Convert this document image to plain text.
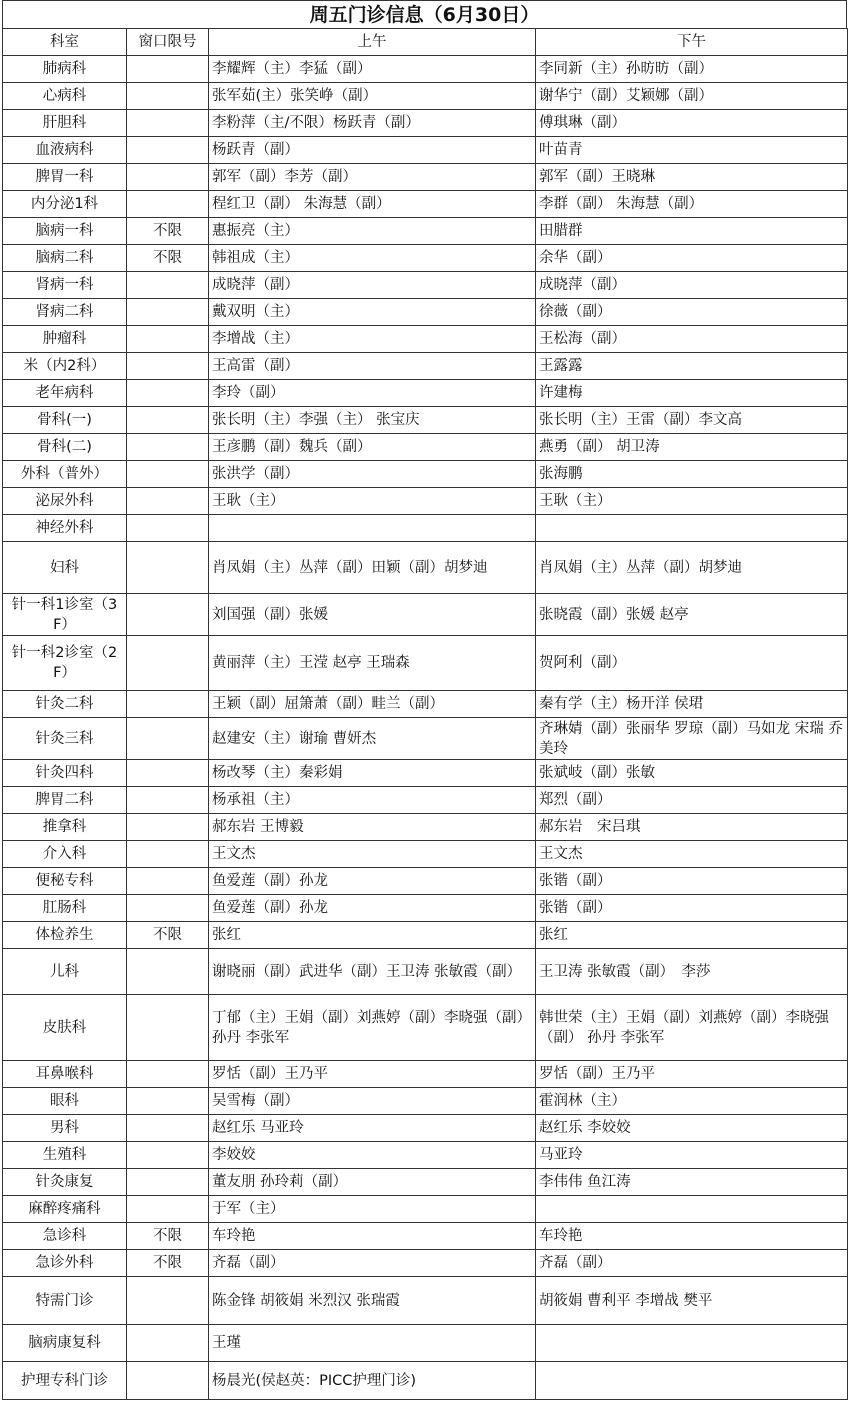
周五门诊信息（6月30日）
科室	窗口限号	上午	下午

肺病科		李耀辉（主）李猛（副）	李同新（主）孙昉昉（副）

心病科		张军茹(主）张笑峥（副）	谢华宁（副）艾颖娜（副）

肝胆科		李粉萍（主/不限）杨跃青（副）	傅琪琳（副）

血液病科		杨跃青（副）	叶苗青

脾胃一科		郭军（副）李芳（副）	郭军（副）王晓琳

内分泌1科		程红卫（副） 朱海慧（副）	李群（副） 朱海慧（副）

脑病一科	不限	惠振亮（主）	田腊群

脑病二科	不限	韩祖成（主）	余华（副）

肾病一科		成晓萍（副）	成晓萍（副）

肾病二科		戴双明（主）	徐薇（副）

肿瘤科		李增战（主）	王松海（副）

米（内2科）		王高雷（副）	王露露

老年病科		李玲（副）	许建梅

骨科(一)		张长明（主）李强（主） 张宝庆	张长明（主）王雷（副）李文高

骨科(二)		王彦鹏（副）魏兵（副）	燕勇（副） 胡卫涛

外科（普外）		张洪学（副）	张海鹏

泌尿外科		王耿（主）	王耿（主）

神经外科			

妇科		肖凤娟（主）丛萍（副）田颖（副）胡梦迪	肖凤娟（主）丛萍（副）胡梦迪

针一科1诊室（3F）		刘国强（副）张媛	张晓霞（副）张媛 赵亭

针一科2诊室（2F）		黄丽萍（主）王滢 赵亭 王瑞森	贺阿利（副）

针灸二科		王颖（副）屈箫萧（副）畦兰（副）	秦有学（主）杨开洋 侯珺

针灸三科		赵建安（主）谢瑜 曹妍杰	齐琳婧（副）张丽华 罗琼（副）马如龙 宋瑞 乔美玲

针灸四科		杨改琴（主）秦彩娟	张斌岐（副）张敏

脾胃二科		杨承祖（主）	郑烈（副）

推拿科		郝东岩 王博毅	郝东岩　宋吕琪

介入科		王文杰	王文杰

便秘专科		鱼爱莲（副）孙龙	张锴（副）

肛肠科		鱼爱莲（副）孙龙	张锴（副）

体检养生	不限	张红	张红

儿科		谢晓丽（副）武进华（副）王卫涛 张敏霞（副）	王卫涛 张敏霞（副）　李莎

皮肤科		丁郁（主）王娟（副）刘燕婷（副）李晓强（副） 孙丹 李张军	韩世荣（主）王娟（副）刘燕婷（副）李晓强（副） 孙丹 李张军

耳鼻喉科		罗恬（副）王乃平	罗恬（副）王乃平

眼科		吴雪梅（副）	霍润林（主）

男科		赵红乐 马亚玲	赵红乐 李姣姣

生殖科		李姣姣	马亚玲

针灸康复		董友朋 孙玲莉（副）	李伟伟 鱼江涛

麻醉疼痛科		于军（主）	

急诊科	不限	车玲艳	车玲艳

急诊外科	不限	齐磊（副）	齐磊（副）

特需门诊		陈金锋 胡筱娟 米烈汉 张瑞霞	胡筱娟 曹利平 李增战 樊平

脑病康复科		王瑾	

护理专科门诊		杨晨光(侯赵英：PICC护理门诊)	
